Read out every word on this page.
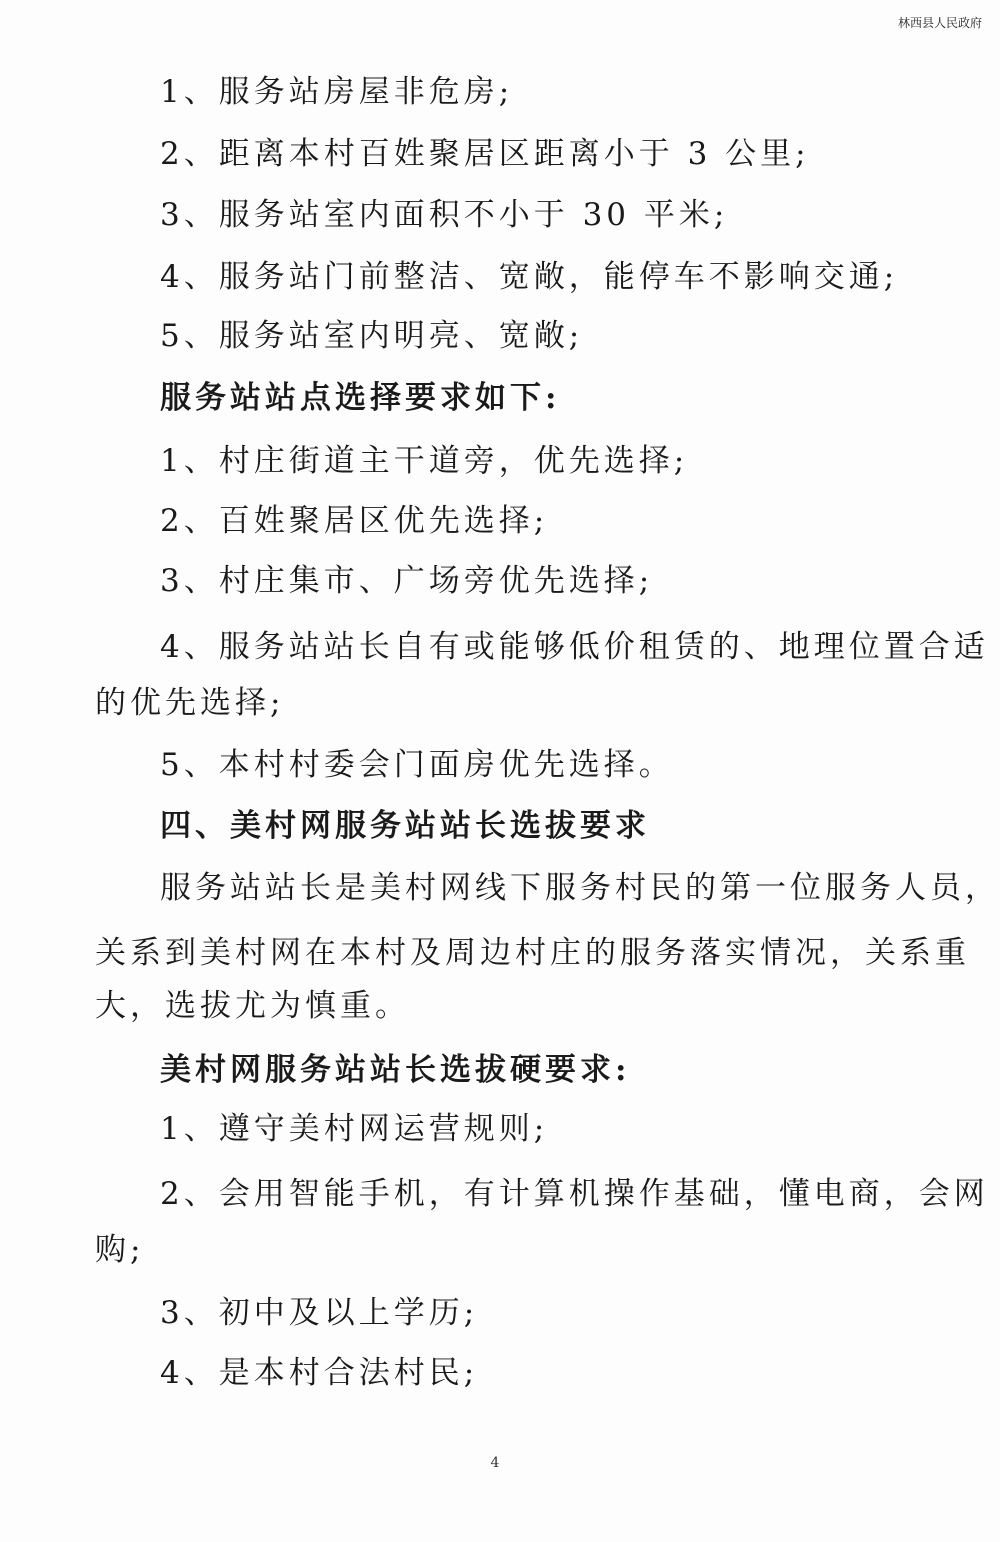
林西县人民政府
1、服务站房屋非危房;
2、距离本村百姓聚居区距离小于 3 公里;
3、服务站室内面积不小于 30 平米;
4、服务站门前整洁、宽敞，能停车不影响交通;
5、服务站室内明亮、宽敞;
服务站站点选择要求如下:
1、村庄街道主干道旁，优先选择;
2、百姓聚居区优先选择;
3、村庄集市、广场旁优先选择;
4、服务站站长自有或能够低价租赁的、地理位置合适
的优先选择;
5、本村村委会门面房优先选择。
四、美村网服务站站长选拔要求
服务站站长是美村网线下服务村民的第一位服务人员，
关系到美村网在本村及周边村庄的服务落实情况，关系重
大，选拔尤为慎重。
美村网服务站站长选拔硬要求:
1、遵守美村网运营规则;
2、会用智能手机，有计算机操作基础，懂电商，会网
购;
3、初中及以上学历;
4、是本村合法村民;
4
